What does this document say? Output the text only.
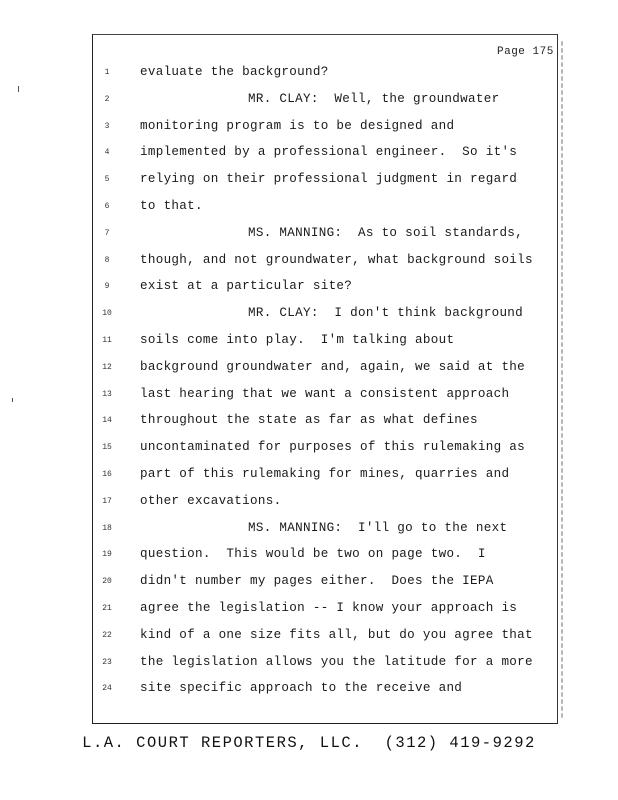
Page 175
1	evaluate the background?
2	MR. CLAY:  Well, the groundwater
3	monitoring program is to be designed and
4	implemented by a professional engineer.  So it's
5	relying on their professional judgment in regard
6	to that.
7	MS. MANNING:  As to soil standards,
8	though, and not groundwater, what background soils
9	exist at a particular site?
10	MR. CLAY:  I don't think background
11	soils come into play.  I'm talking about
12	background groundwater and, again, we said at the
13	last hearing that we want a consistent approach
14	throughout the state as far as what defines
15	uncontaminated for purposes of this rulemaking as
16	part of this rulemaking for mines, quarries and
17	other excavations.
18	MS. MANNING:  I'll go to the next
19	question.  This would be two on page two.  I
20	didn't number my pages either.  Does the IEPA
21	agree the legislation -- I know your approach is
22	kind of a one size fits all, but do you agree that
23	the legislation allows you the latitude for a more
24	site specific approach to the receive and
L.A. COURT REPORTERS, LLC.  (312) 419-9292
